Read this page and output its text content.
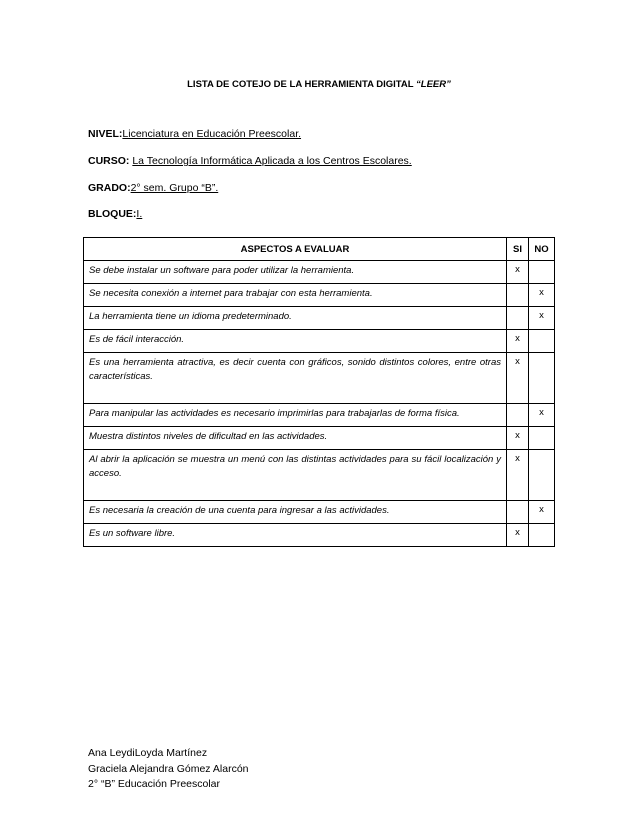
LISTA DE COTEJO DE LA HERRAMIENTA DIGITAL “LEER”
NIVEL:Licenciatura en Educación Preescolar.
CURSO: La Tecnología Informática Aplicada a los Centros Escolares.
GRADO:2° sem. Grupo “B”.
BLOQUE:I.
ASPECTOS A EVALUAR	SI	NO
Se debe instalar un software para poder utilizar la herramienta.	x	
Se necesita conexión a internet para trabajar con esta herramienta.		x
La herramienta tiene un idioma predeterminado.		x
Es de fácil interacción.	x	
Es una herramienta atractiva, es decir cuenta con gráficos, sonido distintos colores, entre otras características.	x	
Para manipular las actividades es necesario imprimirlas para trabajarlas de forma física.		x
Muestra distintos niveles de dificultad en las actividades.	x	
Al abrir la aplicación se muestra un menú con las distintas actividades para su fácil localización y acceso.	x	
Es necesaria la creación de una cuenta para ingresar a las actividades.		x
Es un software libre.	x	
Ana LeydiLoyda Martínez
Graciela Alejandra Gómez Alarcón
2° “B” Educación Preescolar
